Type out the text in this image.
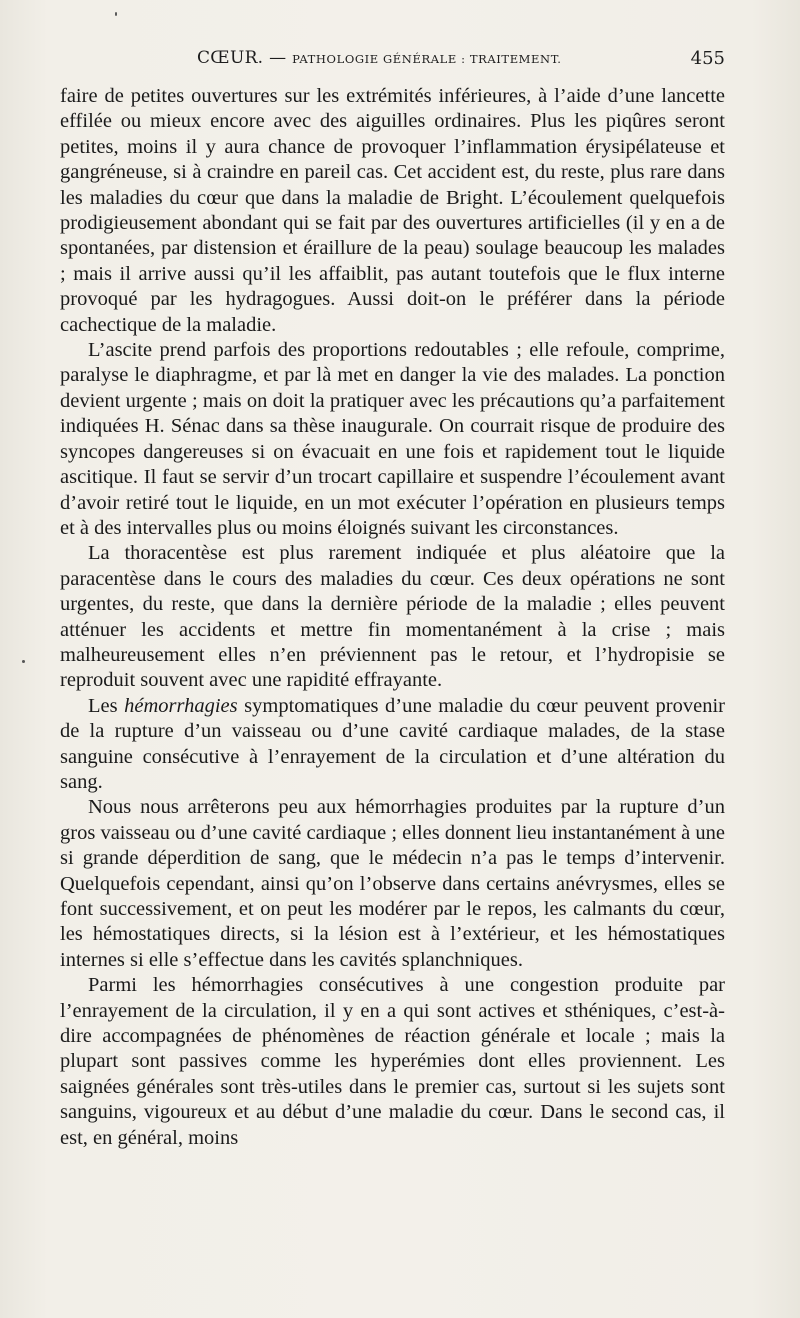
CŒUR. — PATHOLOGIE GÉNÉRALE : TRAITEMENT.	455

faire de petites ouvertures sur les extrémités inférieures, à l’aide d’une lancette effilée ou mieux encore avec des aiguilles ordinaires. Plus les piqûres seront petites, moins il y aura chance de provoquer l’inflammation érysipélateuse et gangréneuse, si à craindre en pareil cas. Cet accident est, du reste, plus rare dans les maladies du cœur que dans la maladie de Bright. L’écoulement quelquefois prodigieusement abondant qui se fait par des ouvertures artificielles (il y en a de spontanées, par distension et éraillure de la peau) soulage beaucoup les malades ; mais il arrive aussi qu’il les affaiblit, pas autant toutefois que le flux interne provoqué par les hydragogues. Aussi doit-on le préférer dans la période cachectique de la maladie.

L’ascite prend parfois des proportions redoutables ; elle refoule, comprime, paralyse le diaphragme, et par là met en danger la vie des malades. La ponction devient urgente ; mais on doit la pratiquer avec les précautions qu’a parfaitement indiquées H. Sénac dans sa thèse inaugurale. On courrait risque de produire des syncopes dangereuses si on évacuait en une fois et rapidement tout le liquide ascitique. Il faut se servir d’un trocart capillaire et suspendre l’écoulement avant d’avoir retiré tout le liquide, en un mot exécuter l’opération en plusieurs temps et à des intervalles plus ou moins éloignés suivant les circonstances.

La thoracentèse est plus rarement indiquée et plus aléatoire que la paracentèse dans le cours des maladies du cœur. Ces deux opérations ne sont urgentes, du reste, que dans la dernière période de la maladie ; elles peuvent atténuer les accidents et mettre fin momentanément à la crise ; mais malheureusement elles n’en préviennent pas le retour, et l’hydropisie se reproduit souvent avec une rapidité effrayante.

Les hémorrhagies symptomatiques d’une maladie du cœur peuvent provenir de la rupture d’un vaisseau ou d’une cavité cardiaque malades, de la stase sanguine consécutive à l’enrayement de la circulation et d’une altération du sang.

Nous nous arrêterons peu aux hémorrhagies produites par la rupture d’un gros vaisseau ou d’une cavité cardiaque ; elles donnent lieu instantanément à une si grande déperdition de sang, que le médecin n’a pas le temps d’intervenir. Quelquefois cependant, ainsi qu’on l’observe dans certains anévrysmes, elles se font successivement, et on peut les modérer par le repos, les calmants du cœur, les hémostatiques directs, si la lésion est à l’extérieur, et les hémostatiques internes si elle s’effectue dans les cavités splanchniques.

Parmi les hémorrhagies consécutives à une congestion produite par l’enrayement de la circulation, il y en a qui sont actives et sthéniques, c’est-à-dire accompagnées de phénomènes de réaction générale et locale ; mais la plupart sont passives comme les hyperémies dont elles proviennent. Les saignées générales sont très-utiles dans le premier cas, surtout si les sujets sont sanguins, vigoureux et au début d’une maladie du cœur. Dans le second cas, il est, en général, moins
